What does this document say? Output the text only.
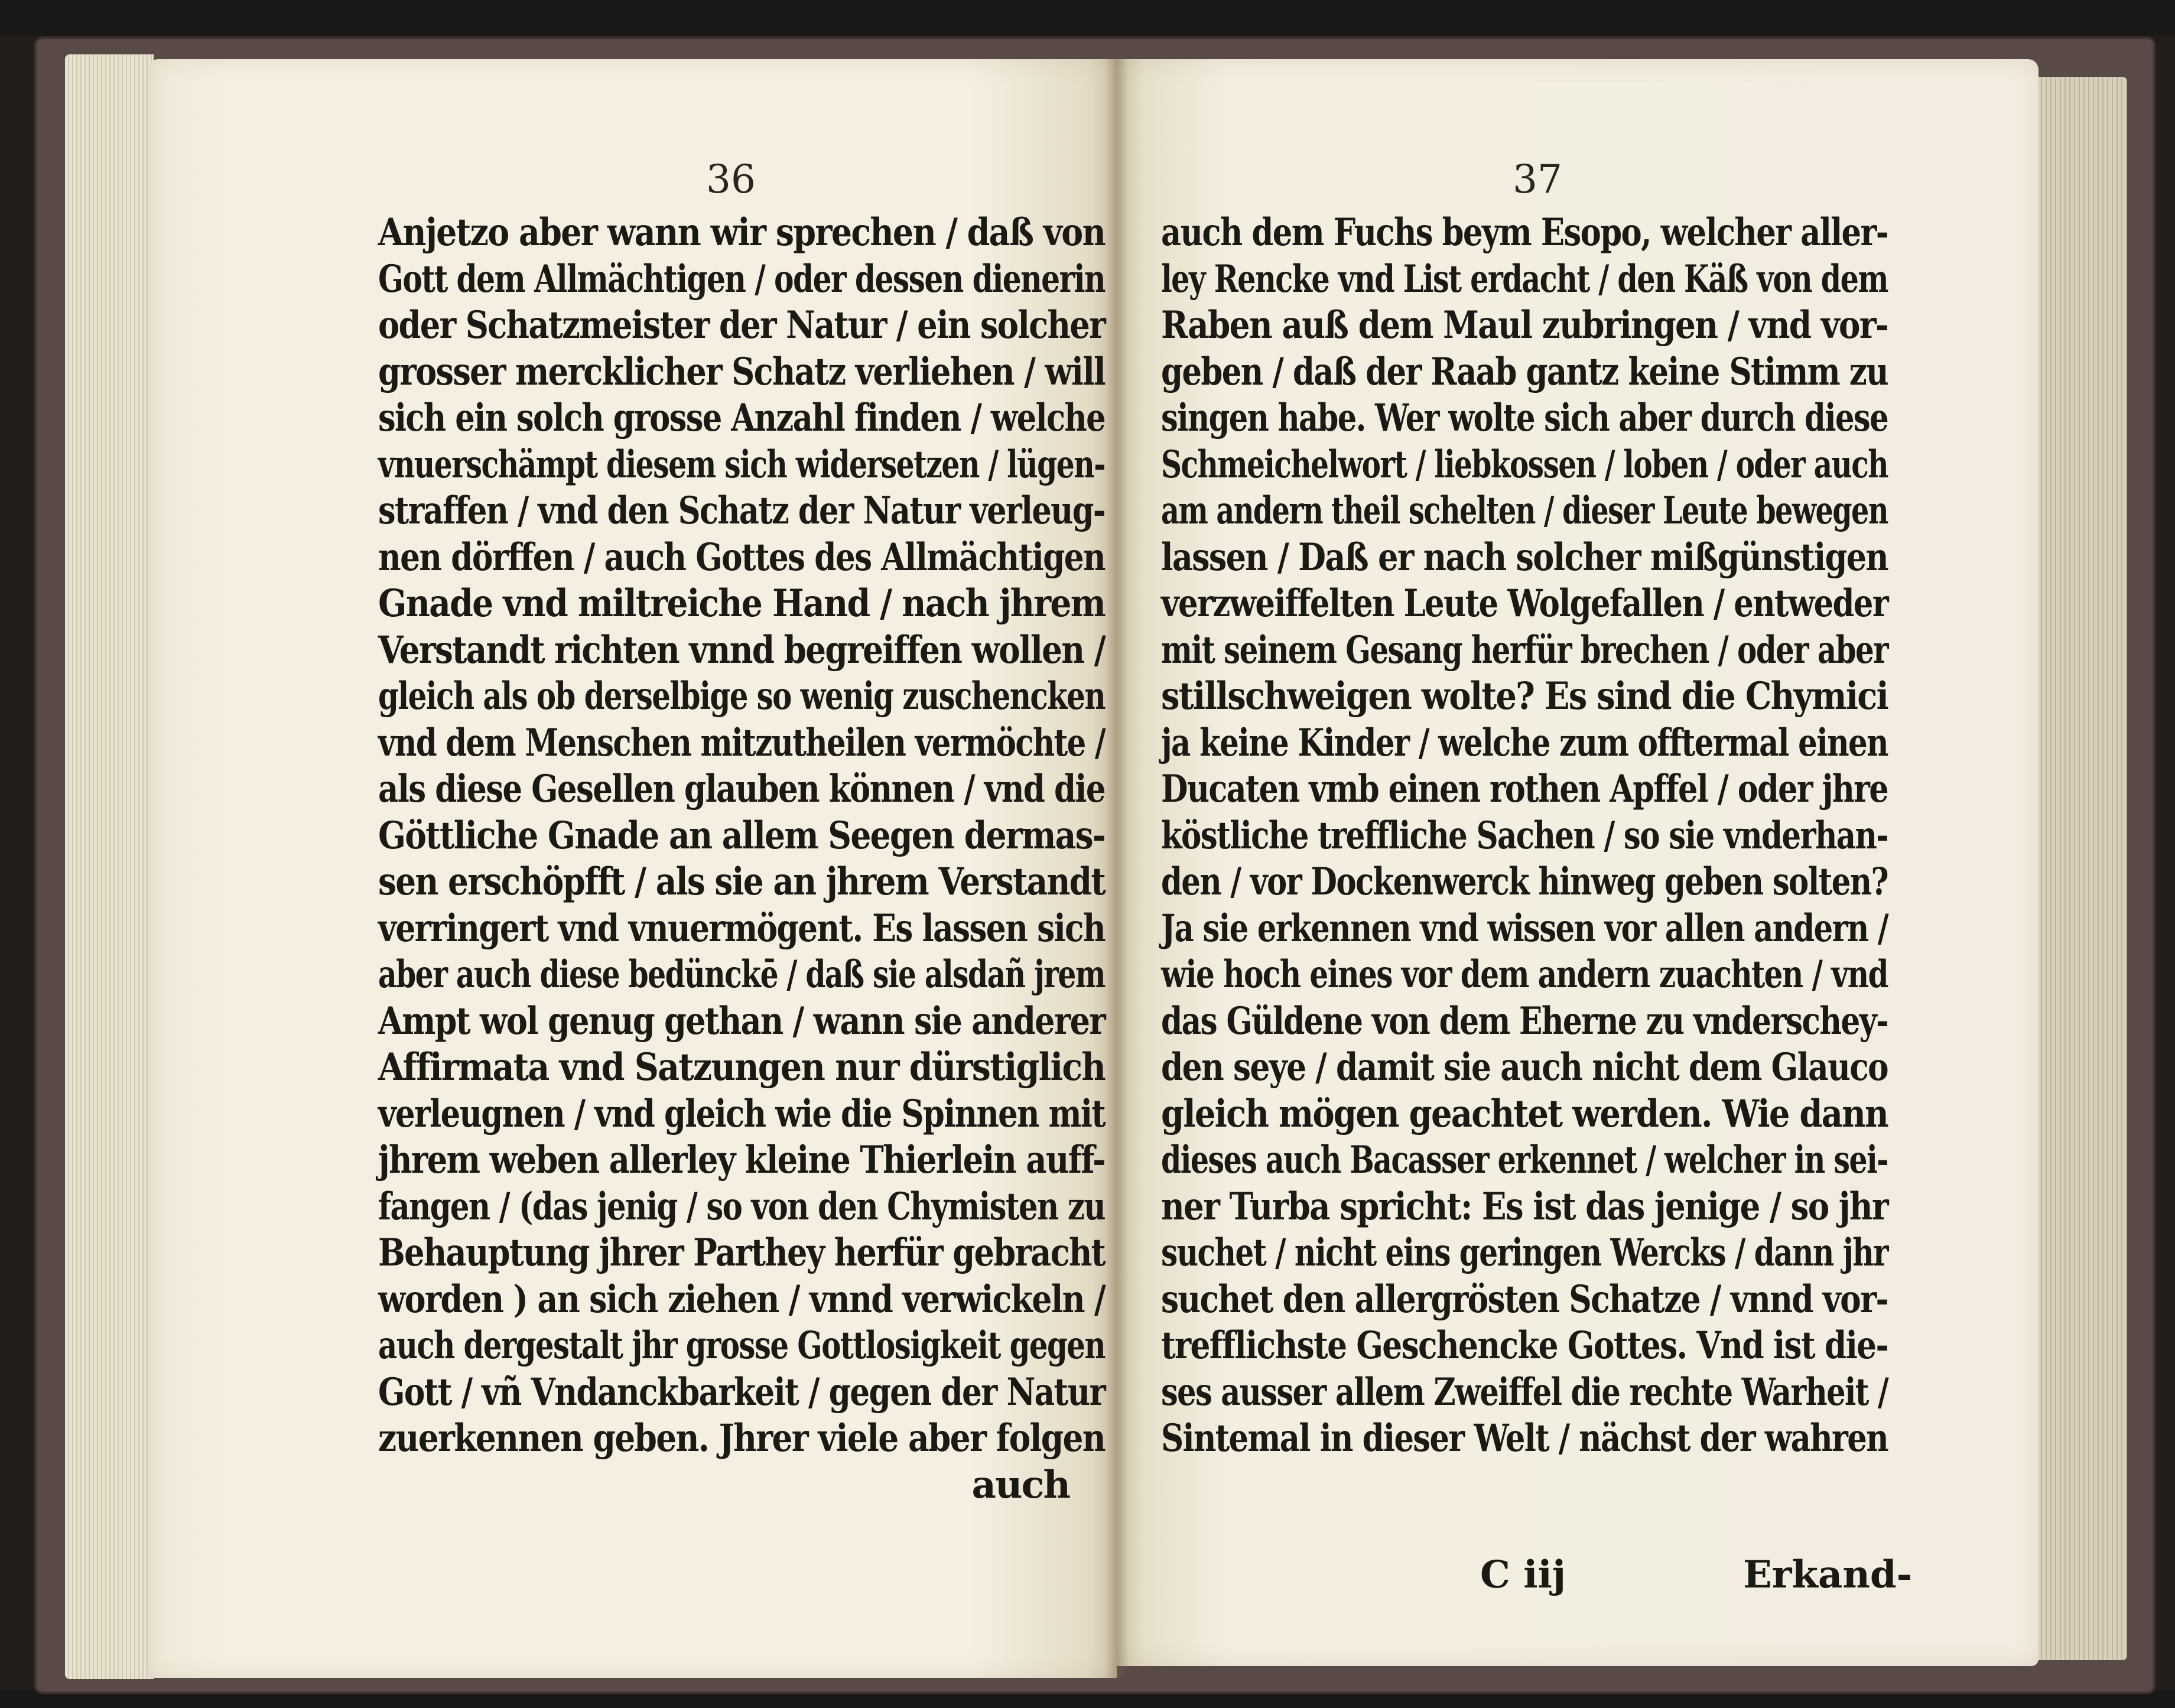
36	37
Anjetzo aber wann wir sprechen / daß von
Gott dem Allmächtigen / oder dessen dienerin
oder Schatzmeister der Natur / ein solcher
grosser mercklicher Schatz verliehen / will
sich ein solch grosse Anzahl finden / welche
vnuerschämpt diesem sich widersetzen / lügen-
straffen / vnd den Schatz der Natur verleug-
nen dörffen / auch Gottes des Allmächtigen
Gnade vnd miltreiche Hand / nach jhrem
Verstandt richten vnnd begreiffen wollen /
gleich als ob derselbige so wenig zuschencken
vnd dem Menschen mitzutheilen vermöchte /
als diese Gesellen glauben können / vnd die
Göttliche Gnade an allem Seegen dermas-
sen erschöpfft / als sie an jhrem Verstandt
verringert vnd vnuermögent. Es lassen sich
aber auch diese bedünckē / daß sie alsdañ jrem
Ampt wol genug gethan / wann sie anderer
Affirmata vnd Satzungen nur dürstiglich
verleugnen / vnd gleich wie die Spinnen mit
jhrem weben allerley kleine Thierlein auff-
fangen / (das jenig / so von den Chymisten zu
Behauptung jhrer Parthey herfür gebracht
worden ) an sich ziehen / vnnd verwickeln /
auch dergestalt jhr grosse Gottlosigkeit gegen
Gott / vñ Vndanckbarkeit / gegen der Natur
zuerkennen geben. Jhrer viele aber folgen
auch
auch dem Fuchs beym Esopo, welcher aller-
ley Rencke vnd List erdacht / den Käß von dem
Raben auß dem Maul zubringen / vnd vor-
geben / daß der Raab gantz keine Stimm zu
singen habe. Wer wolte sich aber durch diese
Schmeichelwort / liebkossen / loben / oder auch
am andern theil schelten / dieser Leute bewegen
lassen / Daß er nach solcher mißgünstigen
verzweiffelten Leute Wolgefallen / entweder
mit seinem Gesang herfür brechen / oder aber
stillschweigen wolte? Es sind die Chymici
ja keine Kinder / welche zum offtermal einen
Ducaten vmb einen rothen Apffel / oder jhre
köstliche treffliche Sachen / so sie vnderhan-
den / vor Dockenwerck hinweg geben solten?
Ja sie erkennen vnd wissen vor allen andern /
wie hoch eines vor dem andern zuachten / vnd
das Güldene von dem Eherne zu vnderschey-
den seye / damit sie auch nicht dem Glauco
gleich mögen geachtet werden. Wie dann
dieses auch Bacasser erkennet / welcher in sei-
ner Turba spricht: Es ist das jenige / so jhr
suchet / nicht eins geringen Wercks / dann jhr
suchet den allergrösten Schatze / vnnd vor-
trefflichste Geschencke Gottes. Vnd ist die-
ses ausser allem Zweiffel die rechte Warheit /
Sintemal in dieser Welt / nächst der wahren
C iij	Erkand-
